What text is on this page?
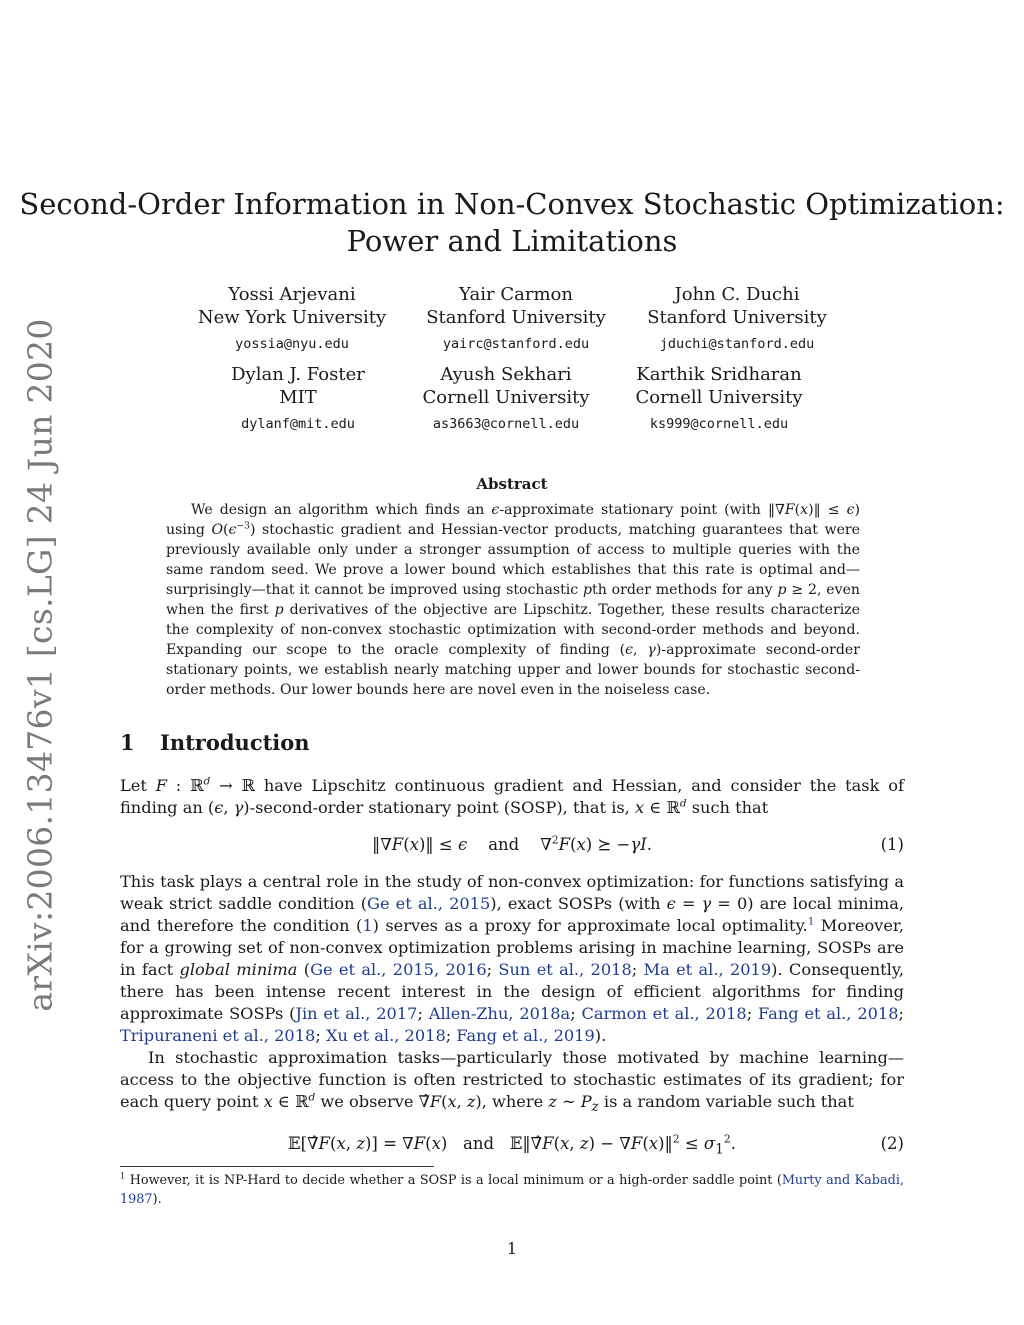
arXiv:2006.13476v1 [cs.LG] 24 Jun 2020
Second-Order Information in Non-Convex Stochastic Optimization:
Power and Limitations
Yossi Arjevani
New York University
yossia@nyu.edu
Yair Carmon
Stanford University
yairc@stanford.edu
John C. Duchi
Stanford University
jduchi@stanford.edu
Dylan J. Foster
MIT
dylanf@mit.edu
Ayush Sekhari
Cornell University
as3663@cornell.edu
Karthik Sridharan
Cornell University
ks999@cornell.edu
Abstract

We design an algorithm which finds an ϵ-approximate stationary point (with ‖∇F(x)‖ ≤ ϵ) using $O(\epsilon^{-3})$ stochastic gradient and Hessian-vector products, matching guarantees that were previously available only under a stronger assumption of access to multiple queries with the same random seed. We prove a lower bound which establishes that this rate is optimal and—surprisingly—that it cannot be improved using stochastic pth order methods for any p ≥ 2, even when the first p derivatives of the objective are Lipschitz. Together, these results characterize the complexity of non-convex stochastic optimization with second-order methods and beyond. Expanding our scope to the oracle complexity of finding (ϵ, γ)-approximate second-order stationary points, we establish nearly matching upper and lower bounds for stochastic second-order methods. Our lower bounds here are novel even in the noiseless case.

1 Introduction

Let F : ℝ$^d$ → ℝ have Lipschitz continuous gradient and Hessian, and consider the task of finding an (ϵ, γ)-second-order stationary point (SOSP), that is, x ∈ ℝ$^d$ such that

‖∇F(x)‖ ≤ ϵ and    ∇$^2$F(x) ⪰ −γI.	(1)

This task plays a central role in the study of non-convex optimization: for functions satisfying a weak strict saddle condition (Ge et al., 2015), exact SOSPs (with ϵ = γ = 0) are local minima, and therefore the condition (1) serves as a proxy for approximate local optimality.$^1$ Moreover, for a growing set of non-convex optimization problems arising in machine learning, SOSPs are in fact global minima (Ge et al., 2015, 2016; Sun et al., 2018; Ma et al., 2019). Consequently, there has been intense recent interest in the design of efficient algorithms for finding approximate SOSPs (Jin et al., 2017; Allen-Zhu, 2018a; Carmon et al., 2018; Fang et al., 2018; Tripuraneni et al., 2018; Xu et al., 2018; Fang et al., 2019).

In stochastic approximation tasks—particularly those motivated by machine learning—access to the objective function is often restricted to stochastic estimates of its gradient; for each query point x ∈ ℝ$^d$ we observe ∇̂F(x, z), where z ∼ $P_z$ is a random variable such that

𝔼[∇̂F(x, z)] = ∇F(x)   and   𝔼‖∇̂F(x, z) − ∇F(x)‖$^2$ ≤ $\sigma_1^2$.	(2)
$^1$ However, it is NP-Hard to decide whether a SOSP is a local minimum or a high-order saddle point (Murty and Kabadi, 1987).
1
